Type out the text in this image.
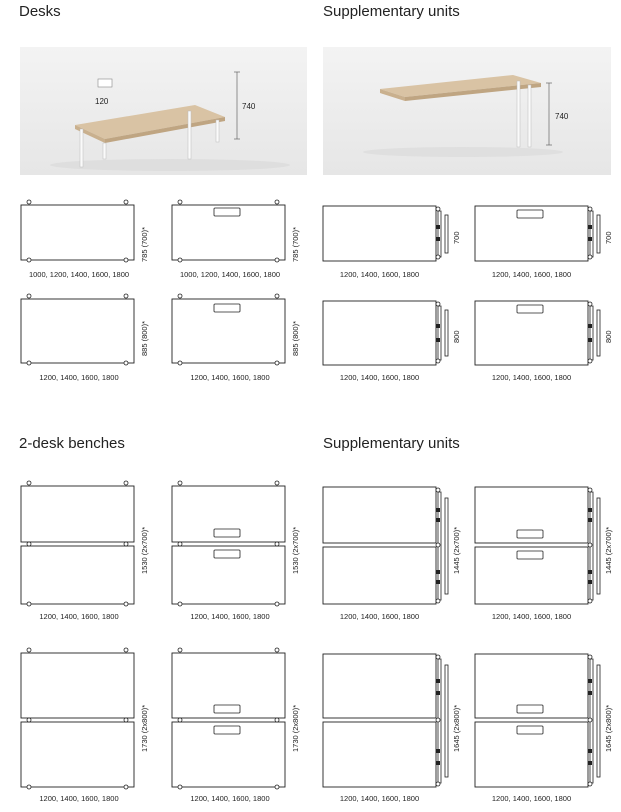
Desks	Supplementary units
2-desk benches	Supplementary units
120
740
740
1000, 1200, 1400, 1600, 1800
785 (700)*
1000, 1200, 1400, 1600, 1800
785 (700)*
1200, 1400, 1600, 1800
700
1200, 1400, 1600, 1800
700
1200, 1400, 1600, 1800
885 (800)*
1200, 1400, 1600, 1800
885 (800)*
1200, 1400, 1600, 1800
800
1200, 1400, 1600, 1800
800
1200, 1400, 1600, 1800
1530 (2x700)*
1200, 1400, 1600, 1800
1530 (2x700)*
1200, 1400, 1600, 1800
1445 (2x700)*
1200, 1400, 1600, 1800
1445 (2x700)*
1200, 1400, 1600, 1800
1730 (2x800)*
1200, 1400, 1600, 1800
1730 (2x800)*
1200, 1400, 1600, 1800
1645 (2x800)*
1200, 1400, 1600, 1800
1645 (2x800)*
